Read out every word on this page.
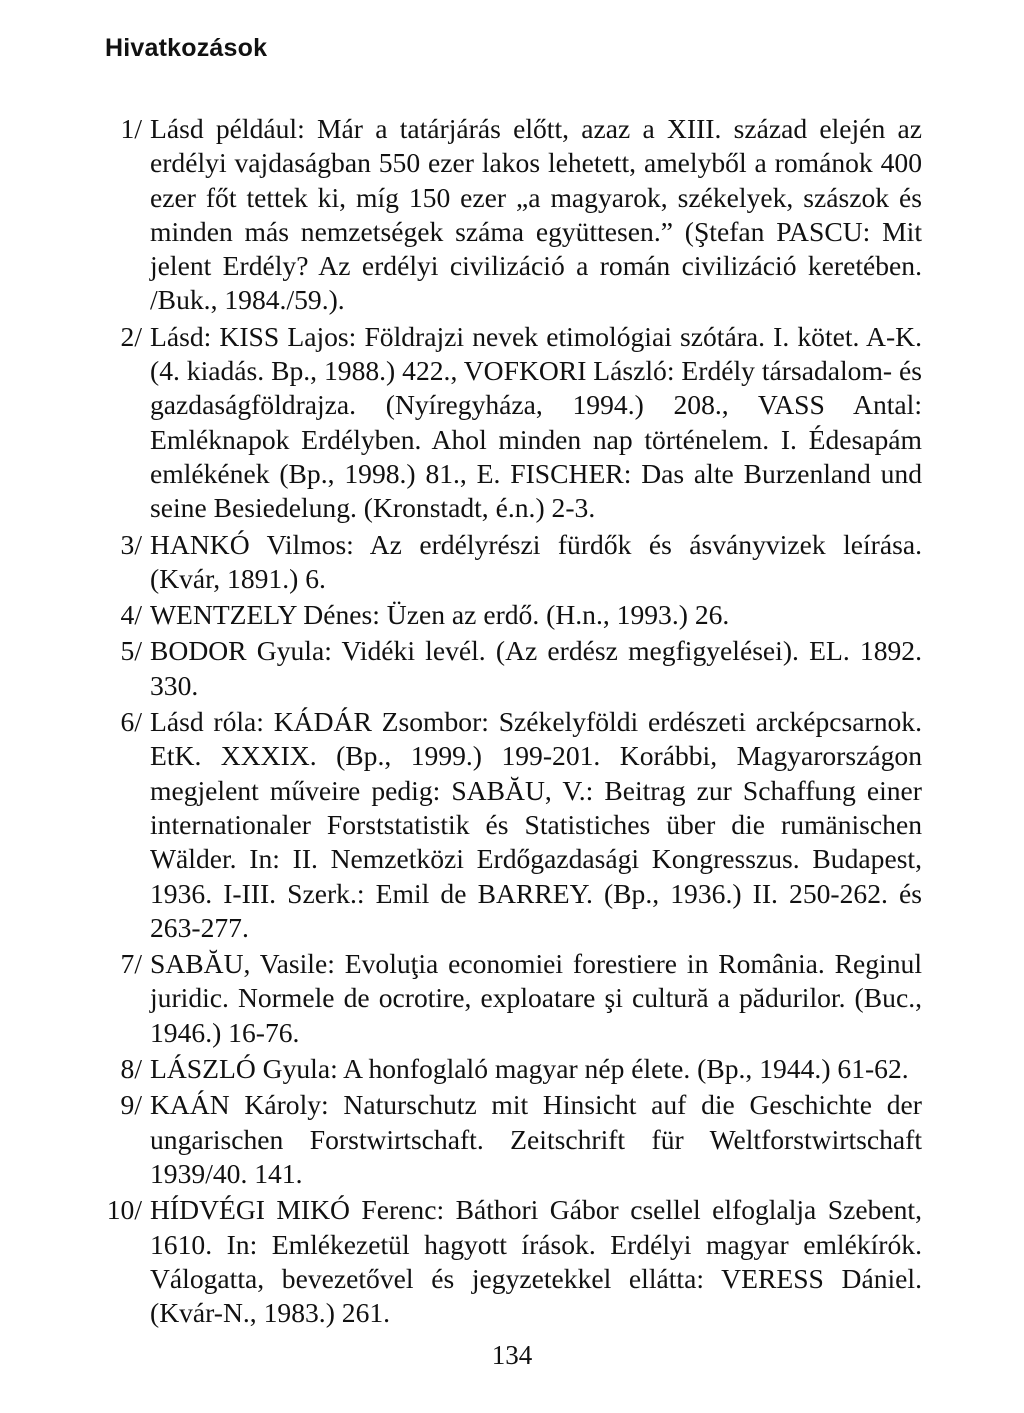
Hivatkozások
1/ Lásd például: Már a tatárjárás előtt, azaz a XIII. század elején az erdélyi vajdaságban 550 ezer lakos lehetett, amelyből a románok 400 ezer főt tettek ki, míg 150 ezer „a magyarok, székelyek, szászok és minden más nemzetségek száma együttesen.” (Ştefan PASCU: Mit jelent Erdély? Az erdélyi civilizáció a román civilizáció keretében. /Buk., 1984./59.).
2/ Lásd: KISS Lajos: Földrajzi nevek etimológiai szótára. I. kötet. A-K. (4. kiadás. Bp., 1988.) 422., VOFKORI László: Erdély társadalom- és gazdaságföldrajza. (Nyíregyháza, 1994.) 208., VASS Antal: Emléknapok Erdélyben. Ahol minden nap történelem. I. Édesapám emlékének (Bp., 1998.) 81., E. FISCHER: Das alte Burzenland und seine Besiedelung. (Kronstadt, é.n.) 2-3.
3/ HANKÓ Vilmos: Az erdélyrészi fürdők és ásványvizek leírása. (Kvár, 1891.) 6.
4/ WENTZELY Dénes: Üzen az erdő. (H.n., 1993.) 26.
5/ BODOR Gyula: Vidéki levél. (Az erdész megfigyelései). EL. 1892. 330.
6/ Lásd róla: KÁDÁR Zsombor: Székelyföldi erdészeti arcképcsarnok. EtK. XXXIX. (Bp., 1999.) 199-201. Korábbi, Magyarországon megjelent műveire pedig: SABĂU, V.: Beitrag zur Schaffung einer internationaler Forststatistik és Statistiches über die rumänischen Wälder. In: II. Nemzetközi Erdőgazdasági Kongresszus. Budapest, 1936. I-III. Szerk.: Emil de BARREY. (Bp., 1936.) II. 250-262. és 263-277.
7/ SABĂU, Vasile: Evoluţia economiei forestiere in România. Reginul juridic. Normele de ocrotire, exploatare şi cultură a pădurilor. (Buc., 1946.) 16-76.
8/ LÁSZLÓ Gyula: A honfoglaló magyar nép élete. (Bp., 1944.) 61-62.
9/ KAÁN Károly: Naturschutz mit Hinsicht auf die Geschichte der ungarischen Forstwirtschaft. Zeitschrift für Weltforstwirtschaft 1939/40. 141.
10/ HÍDVÉGI MIKÓ Ferenc: Báthori Gábor csellel elfoglalja Szebent, 1610. In: Emlékezetül hagyott írások. Erdélyi magyar emlékírók. Válogatta, bevezetővel és jegyzetekkel ellátta: VERESS Dániel. (Kvár-N., 1983.) 261.
134
